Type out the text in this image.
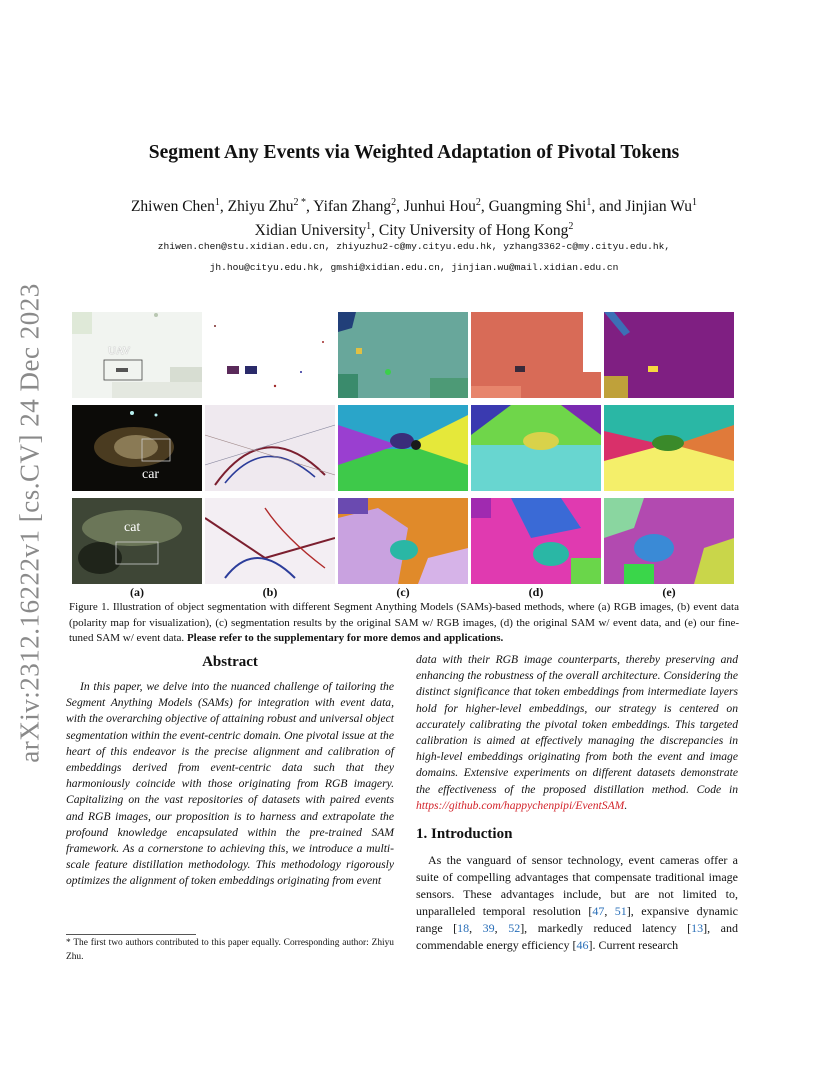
arXiv:2312.16222v1 [cs.CV] 24 Dec 2023
Segment Any Events via Weighted Adaptation of Pivotal Tokens
Zhiwen Chen$^1$, Zhiyu Zhu$^{2 *}$, Yifan Zhang$^2$, Junhui Hou$^2$, Guangming Shi$^1$, and Jinjian Wu$^1$
Xidian University$^1$, City University of Hong Kong$^2$
zhiwen.chen@stu.xidian.edu.cn, zhiyuzhu2-c@my.cityu.edu.hk, yzhang3362-c@my.cityu.edu.hk,
jh.hou@cityu.edu.hk, gmshi@xidian.edu.cn, jinjian.wu@mail.xidian.edu.cn
UAV
car
cat
(a)	(b)	(c)	(d)	(e)
Figure 1. Illustration of object segmentation with different Segment Anything Models (SAMs)-based methods, where (a) RGB images, (b) event data (polarity map for visualization), (c) segmentation results by the original SAM w/ RGB images, (d) the original SAM w/ event data, and (e) our fine-tuned SAM w/ event data. Please refer to the supplementary for more demos and applications.
Abstract
In this paper, we delve into the nuanced challenge of tailoring the Segment Anything Models (SAMs) for integration with event data, with the overarching objective of attaining robust and universal object segmentation within the event-centric domain. One pivotal issue at the heart of this endeavor is the precise alignment and calibration of embeddings derived from event-centric data such that they harmoniously coincide with those originating from RGB imagery. Capitalizing on the vast repositories of datasets with paired events and RGB images, our proposition is to harness and extrapolate the profound knowledge encapsulated within the pre-trained SAM framework. As a cornerstone to achieving this, we introduce a multi-scale feature distillation methodology. This methodology rigorously optimizes the alignment of token embeddings originating from event
* The first two authors contributed to this paper equally. Corresponding author: Zhiyu Zhu.
data with their RGB image counterparts, thereby preserving and enhancing the robustness of the overall architecture. Considering the distinct significance that token embeddings from intermediate layers hold for higher-level embeddings, our strategy is centered on accurately calibrating the pivotal token embeddings. This targeted calibration is aimed at effectively managing the discrepancies in high-level embeddings originating from both the event and image domains. Extensive experiments on different datasets demonstrate the effectiveness of the proposed distillation method. Code in https://github.com/happychenpipi/EventSAM.
1. Introduction
As the vanguard of sensor technology, event cameras offer a suite of compelling advantages that compensate traditional image sensors. These advantages include, but are not limited to, unparalleled temporal resolution [47, 51], expansive dynamic range [18, 39, 52], markedly reduced latency [13], and commendable energy efficiency [46]. Current research
